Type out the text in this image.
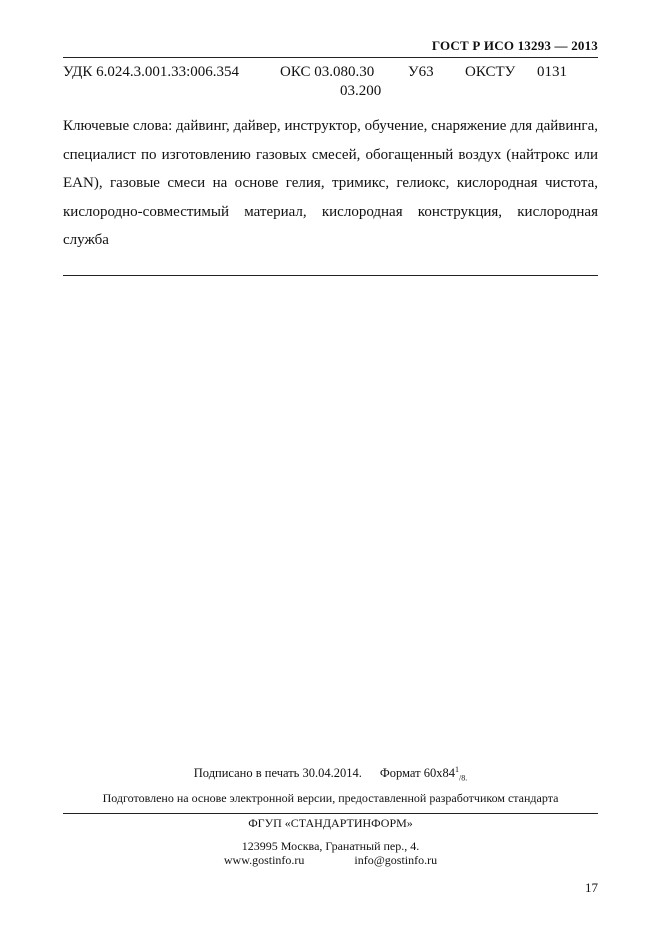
ГОСТ Р ИСО 13293 — 2013
УДК 6.024.3.001.33:006.354	ОКС 03.080.30
03.200
У63 ОКСТУ 0131

Ключевые слова: дайвинг, дайвер, инструктор, обучение, снаряжение для дайвинга, специалист по изготовлению газовых смесей, обогащенный воздух (найтрокс или EAN), газовые смеси на основе гелия, тримикс, гелиокс, кислородная чистота, кислородно-совместимый материал, кислородная конструкция, кислородная служба

Подписано в печать 30.04.2014. Формат $60x84^1_{/8.}$
Подготовлено на основе электронной версии, предоставленной разработчиком стандарта
ФГУП «СТАНДАРТИНФОРМ»
123995 Москва, Гранатный пер., 4.
www.gostinfo.ru	info@gostinfo.ru
17
